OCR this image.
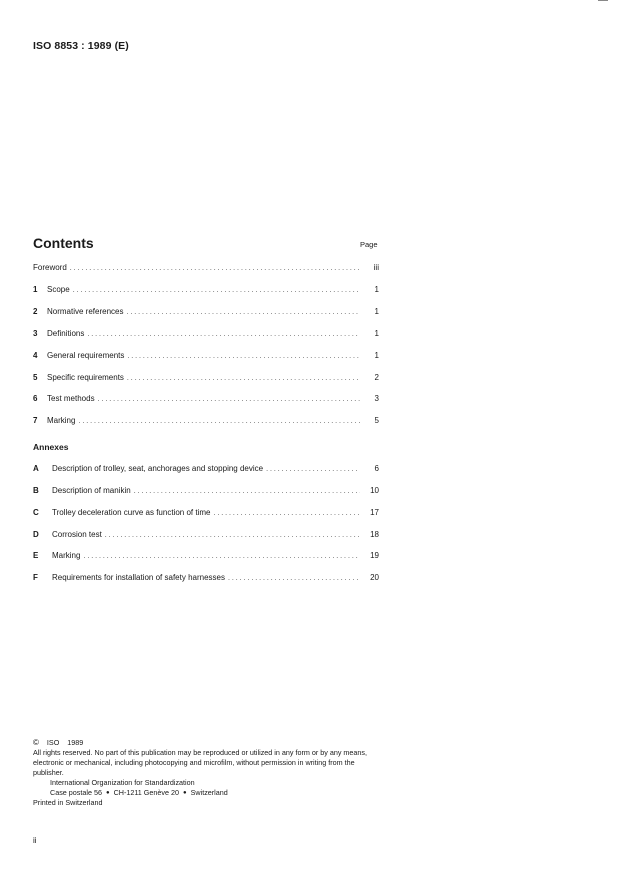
ISO 8853 : 1989 (E)
Contents	Page
Foreword . . .	iii
1	Scope . . .	1
2	Normative references . . .	1
3	Definitions . . .	1
4	General requirements . . .	1
5	Specific requirements . . .	2
6	Test methods . . .	3
7	Marking . . .	5
Annexes
A	Description of trolley, seat, anchorages and stopping device . . .	6
B	Description of manikin . . .	10
C	Trolley deceleration curve as function of time . . .	17
D	Corrosion test . . .	18
E	Marking . . .	19
F	Requirements for installation of safety harnesses . . .	20
© ISO 1989

All rights reserved. No part of this publication may be reproduced or utilized in any form or by any means, electronic or mechanical, including photocopying and microfilm, without permission in writing from the publisher.

International Organization for Standardization

Case postale 56 ● CH-1211 Genève 20 ● Switzerland

Printed in Switzerland

ii
